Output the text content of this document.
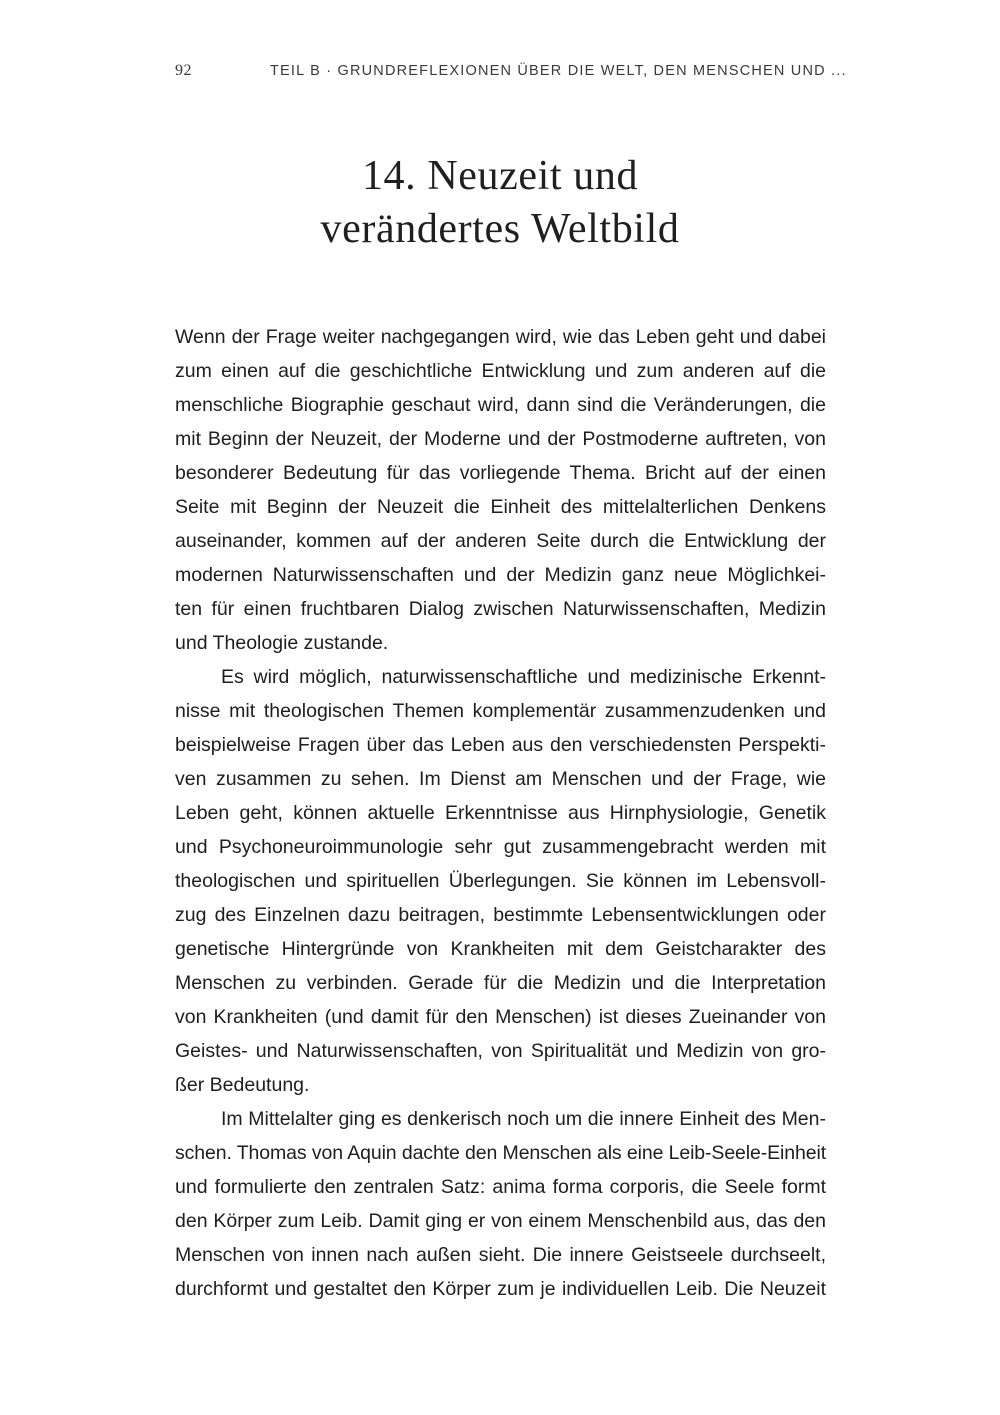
92	TEIL B · GRUNDREFLEXIONEN ÜBER DIE WELT, DEN MENSCHEN UND ...
14. Neuzeit und
verändertes Weltbild

Wenn der Frage weiter nachgegangen wird, wie das Leben geht und dabei
zum einen auf die geschichtliche Entwicklung und zum anderen auf die
menschliche Biographie geschaut wird, dann sind die Veränderungen, die
mit Beginn der Neuzeit, der Moderne und der Postmoderne auftreten, von
besonderer Bedeutung für das vorliegende Thema. Bricht auf der einen
Seite mit Beginn der Neuzeit die Einheit des mittelalterlichen Denkens
auseinander, kommen auf der anderen Seite durch die Entwicklung der
modernen Naturwissenschaften und der Medizin ganz neue Möglichkei-
ten für einen fruchtbaren Dialog zwischen Naturwissenschaften, Medizin
und Theologie zustande.

Es wird möglich, naturwissenschaftliche und medizinische Erkennt-
nisse mit theologischen Themen komplementär zusammenzudenken und
beispielweise Fragen über das Leben aus den verschiedensten Perspekti-
ven zusammen zu sehen. Im Dienst am Menschen und der Frage, wie
Leben geht, können aktuelle Erkenntnisse aus Hirnphysiologie, Genetik
und Psychoneuroimmunologie sehr gut zusammengebracht werden mit
theologischen und spirituellen Überlegungen. Sie können im Lebensvoll-
zug des Einzelnen dazu beitragen, bestimmte Lebensentwicklungen oder
genetische Hintergründe von Krankheiten mit dem Geistcharakter des
Menschen zu verbinden. Gerade für die Medizin und die Interpretation
von Krankheiten (und damit für den Menschen) ist dieses Zueinander von
Geistes- und Naturwissenschaften, von Spiritualität und Medizin von gro-
ßer Bedeutung.

Im Mittelalter ging es denkerisch noch um die innere Einheit des Men-
schen. Thomas von Aquin dachte den Menschen als eine Leib-Seele-Einheit
und formulierte den zentralen Satz: anima forma corporis, die Seele formt
den Körper zum Leib. Damit ging er von einem Menschenbild aus, das den
Menschen von innen nach außen sieht. Die innere Geistseele durchseelt,
durchformt und gestaltet den Körper zum je individuellen Leib. Die Neuzeit
